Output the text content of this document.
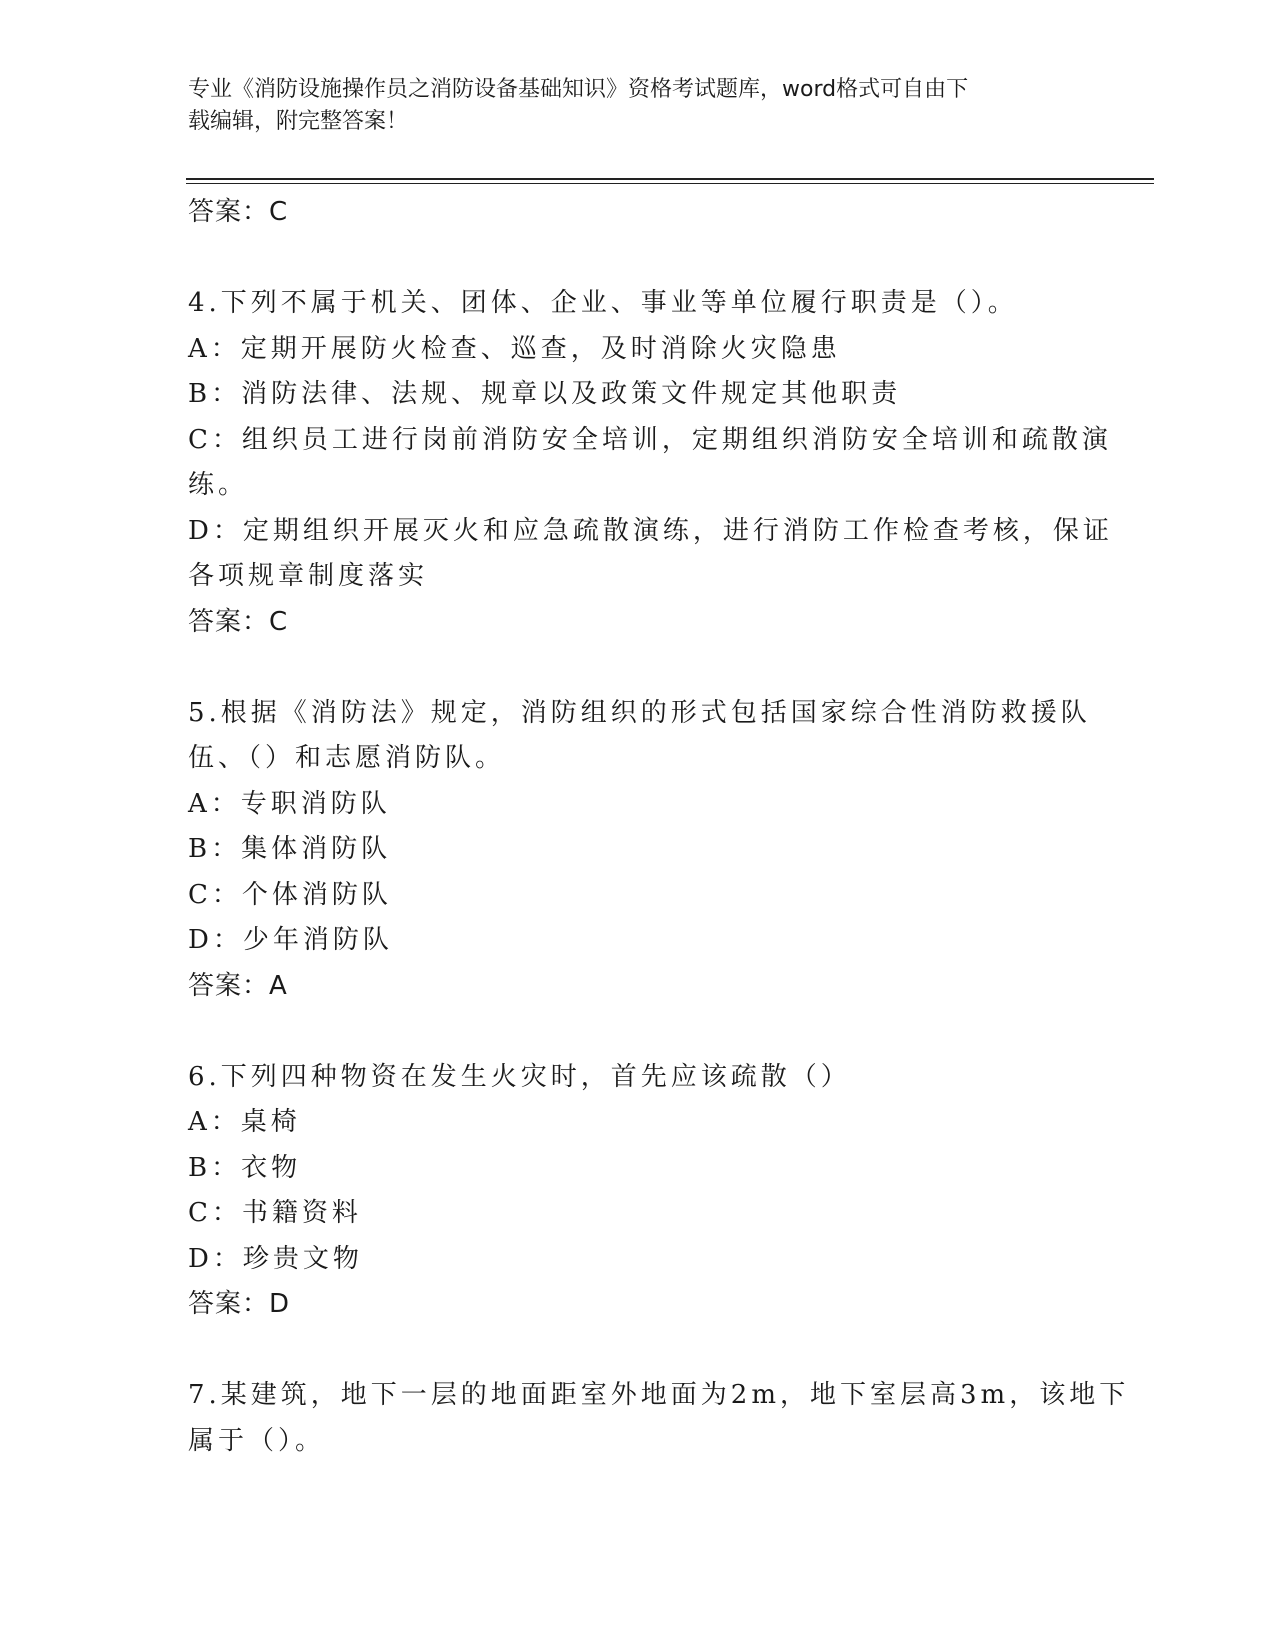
专业《消防设施操作员之消防设备基础知识》资格考试题库，word格式可自由下
载编辑，附完整答案！
答案：C
4.下列不属于机关、团体、企业、事业等单位履行职责是（）。
A：定期开展防火检查、巡查，及时消除火灾隐患
B：消防法律、法规、规章以及政策文件规定其他职责
C：组织员工进行岗前消防安全培训，定期组织消防安全培训和疏散演
练。
D：定期组织开展灭火和应急疏散演练，进行消防工作检查考核，保证
各项规章制度落实
答案：C
5.根据《消防法》规定，消防组织的形式包括国家综合性消防救援队
伍、（）和志愿消防队。
A：专职消防队
B：集体消防队
C：个体消防队
D：少年消防队
答案：A
6.下列四种物资在发生火灾时，首先应该疏散（）
A：桌椅
B：衣物
C：书籍资料
D：珍贵文物
答案：D
7.某建筑，地下一层的地面距室外地面为2m，地下室层高3m，该地下
属于（）。
